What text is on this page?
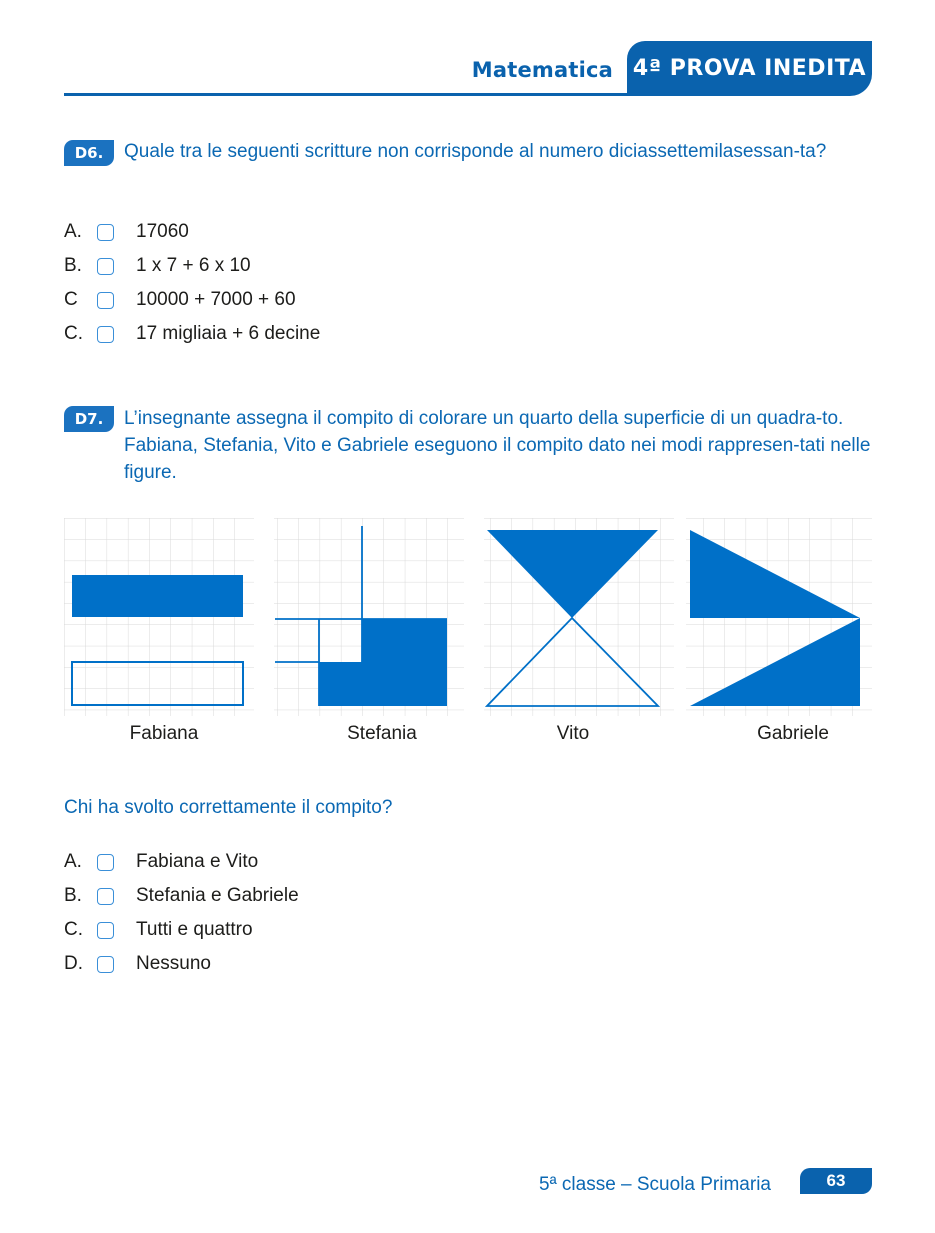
Matematica 4ª PROVA INEDITA
D6.	Quale tra le seguenti scritture non corrisponde al numero diciassettemilasessan-ta?
A.	17060
B.	1 x 7 + 6 x 10
C	10000 + 7000 + 60
C.	17 migliaia + 6 decine
D7.	L’insegnante assegna il compito di colorare un quarto della superficie di un quadra-to. Fabiana, Stefania, Vito e Gabriele eseguono il compito dato nei modi rappresen-tati nelle figure.
Fabiana	Stefania	Vito	Gabriele
Chi ha svolto correttamente il compito?
A.	Fabiana e Vito
B.	Stefania e Gabriele
C.	Tutti e quattro
D.	Nessuno
5ª classe – Scuola Primaria	63
